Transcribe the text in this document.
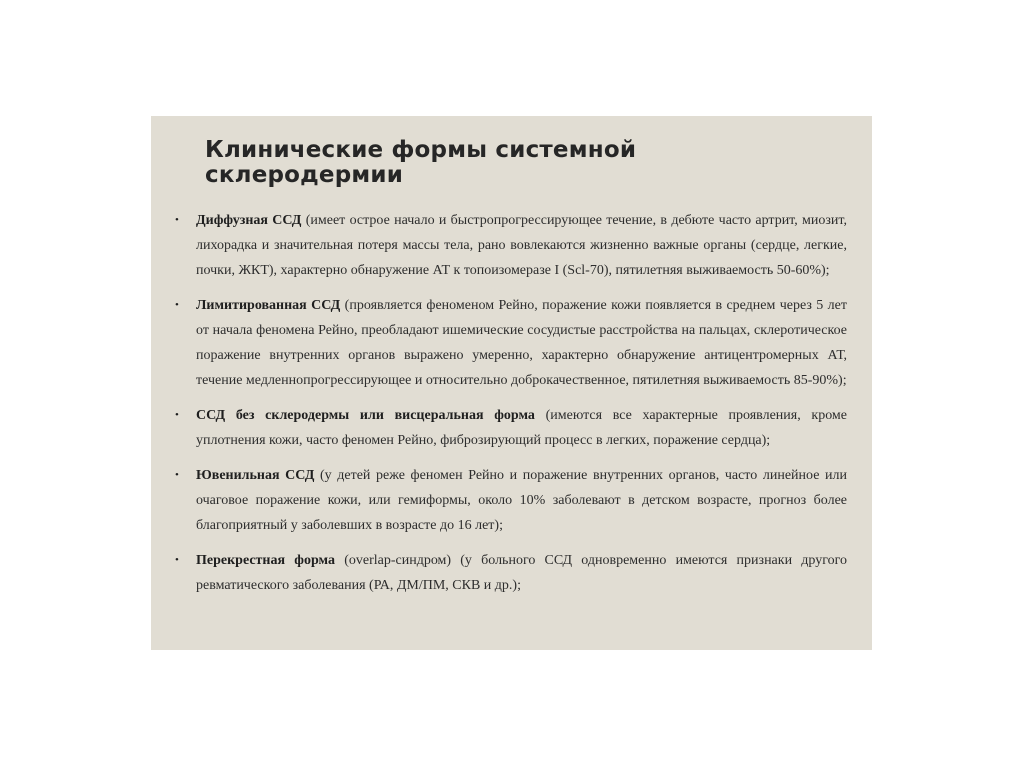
Клинические формы системной
склеродермии
• Диффузная ССД (имеет острое начало и быстропрогрессирующее течение, в дебюте часто артрит, миозит, лихорадка и значительная потеря массы тела, рано вовлекаются жизненно важные органы (сердце, легкие, почки, ЖКТ), характерно обнаружение АТ к топоизомеразе I (Scl-70), пятилетняя выживаемость 50-60%);
• Лимитированная ССД (проявляется феноменом Рейно, поражение кожи появляется в среднем через 5 лет от начала феномена Рейно, преобладают ишемические сосудистые расстройства на пальцах, склеротическое поражение внутренних органов выражено умеренно, характерно обнаружение антицентромерных АТ, течение медленнопрогрессирующее и относительно доброкачественное, пятилетняя выживаемость 85-90%);
• ССД без склеродермы или висцеральная форма (имеются все характерные проявления, кроме уплотнения кожи, часто феномен Рейно, фиброзирующий процесс в легких, поражение сердца);
• Ювенильная ССД (у детей реже феномен Рейно и поражение внутренних органов, часто линейное или очаговое поражение кожи, или гемиформы, около 10% заболевают в детском возрасте, прогноз более благоприятный у заболевших в возрасте до 16 лет);
• Перекрестная форма (overlap-синдром) (у больного ССД одновременно имеются признаки другого ревматического заболевания (РА, ДМ/ПМ, СКВ и др.);
